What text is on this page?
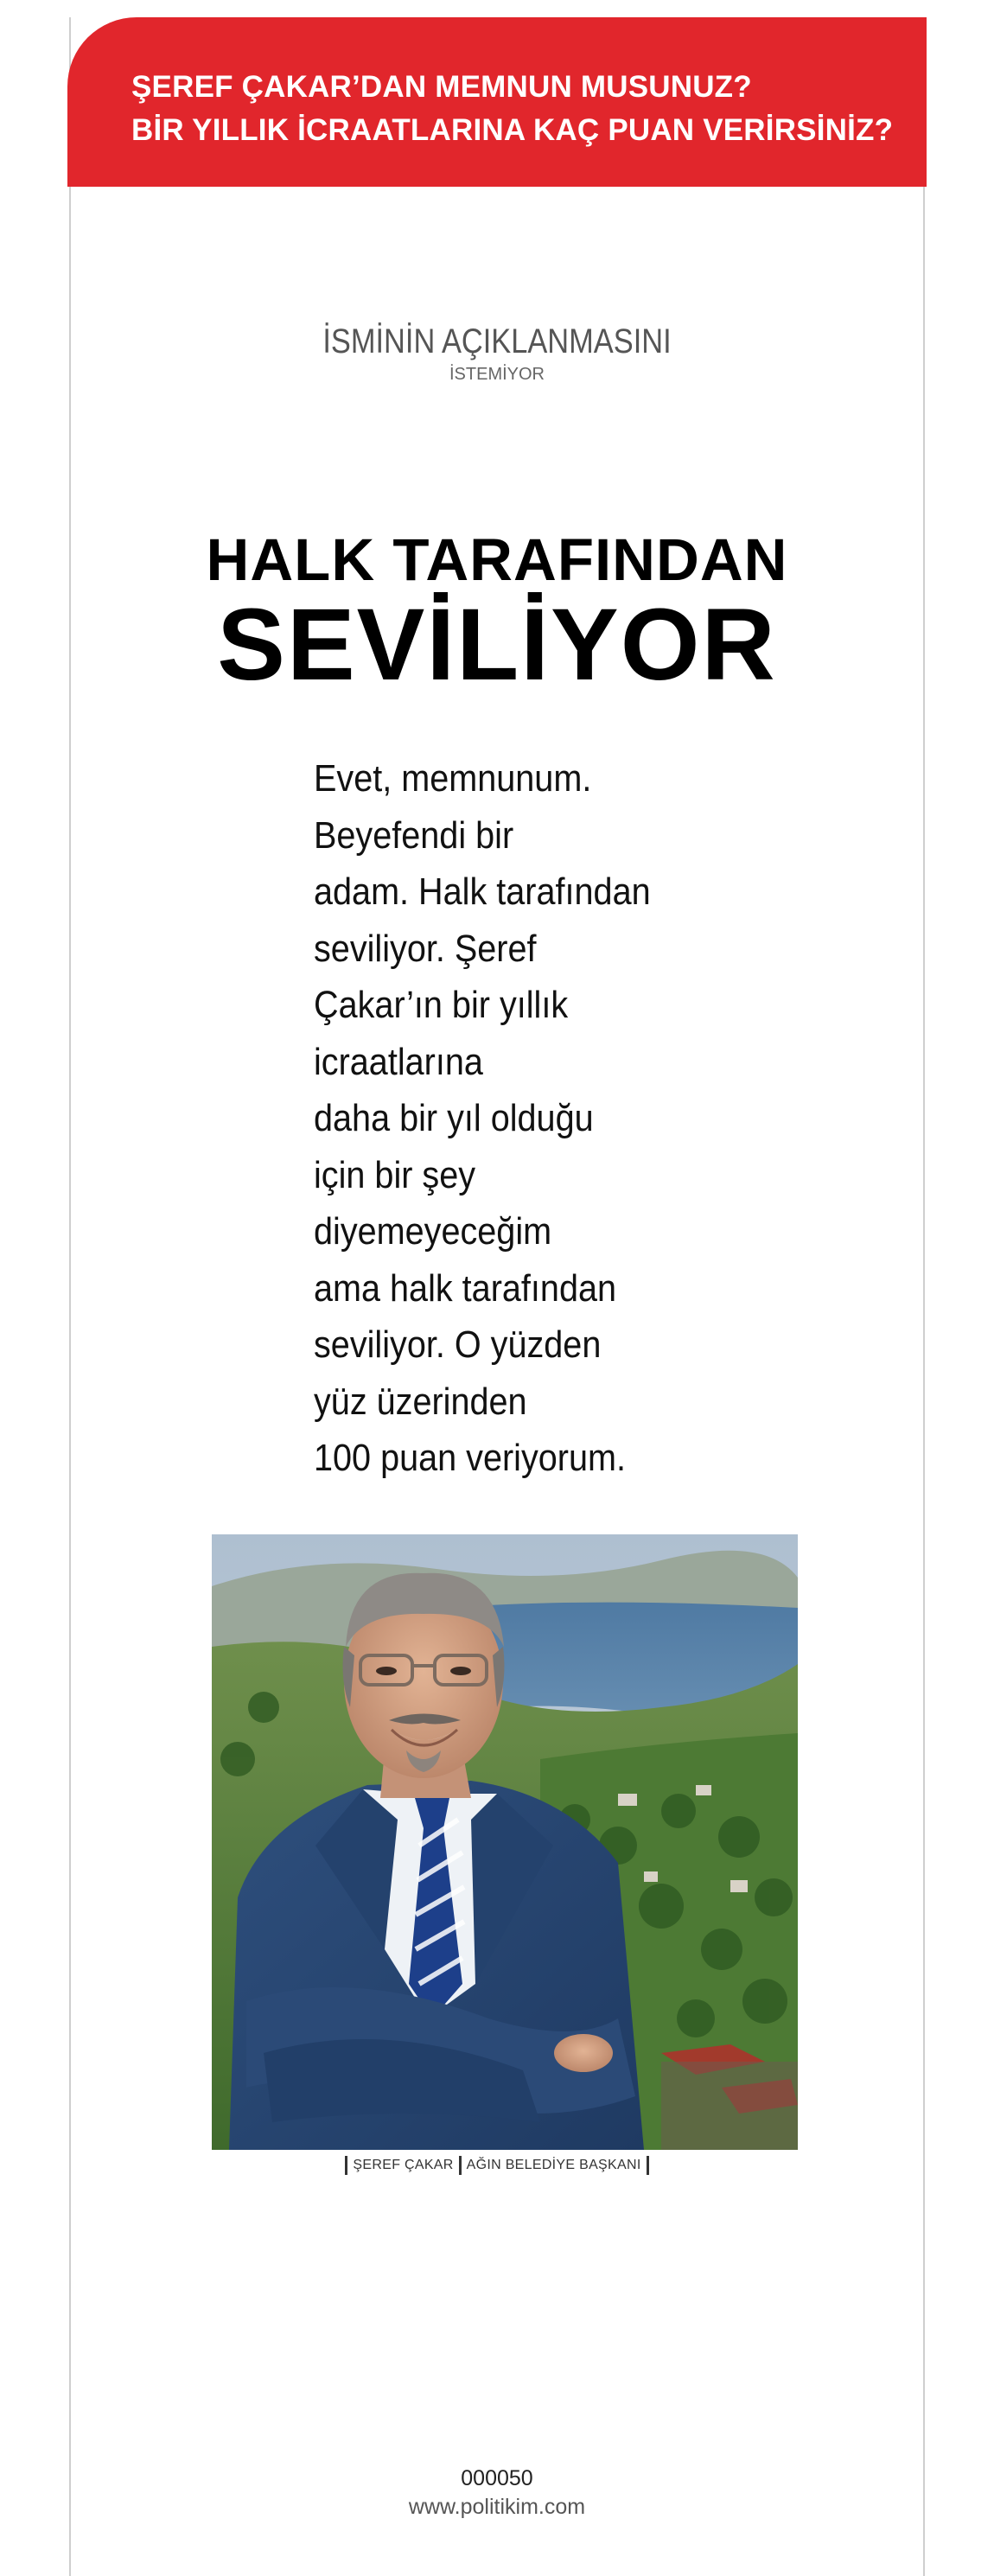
ŞEREF ÇAKAR’DAN MEMNUN MUSUNUZ?
BİR YILLIK İCRAATLARINA KAÇ PUAN VERİRSİNİZ?
İSMİNİN AÇIKLANMASINI
İSTEMİYOR
HALK TARAFINDAN
SEVİLİYOR
Evet, memnunum.
Beyefendi bir
adam. Halk tarafından
seviliyor. Şeref
Çakar’ın bir yıllık
icraatlarına
daha bir yıl olduğu
için bir şey
diyemeyeceğim
ama halk tarafından
seviliyor. O yüzden
yüz üzerinden
100 puan veriyorum.
ŞEREF ÇAKAR AĞIN BELEDİYE BAŞKANI
000050
www.politikim.com
